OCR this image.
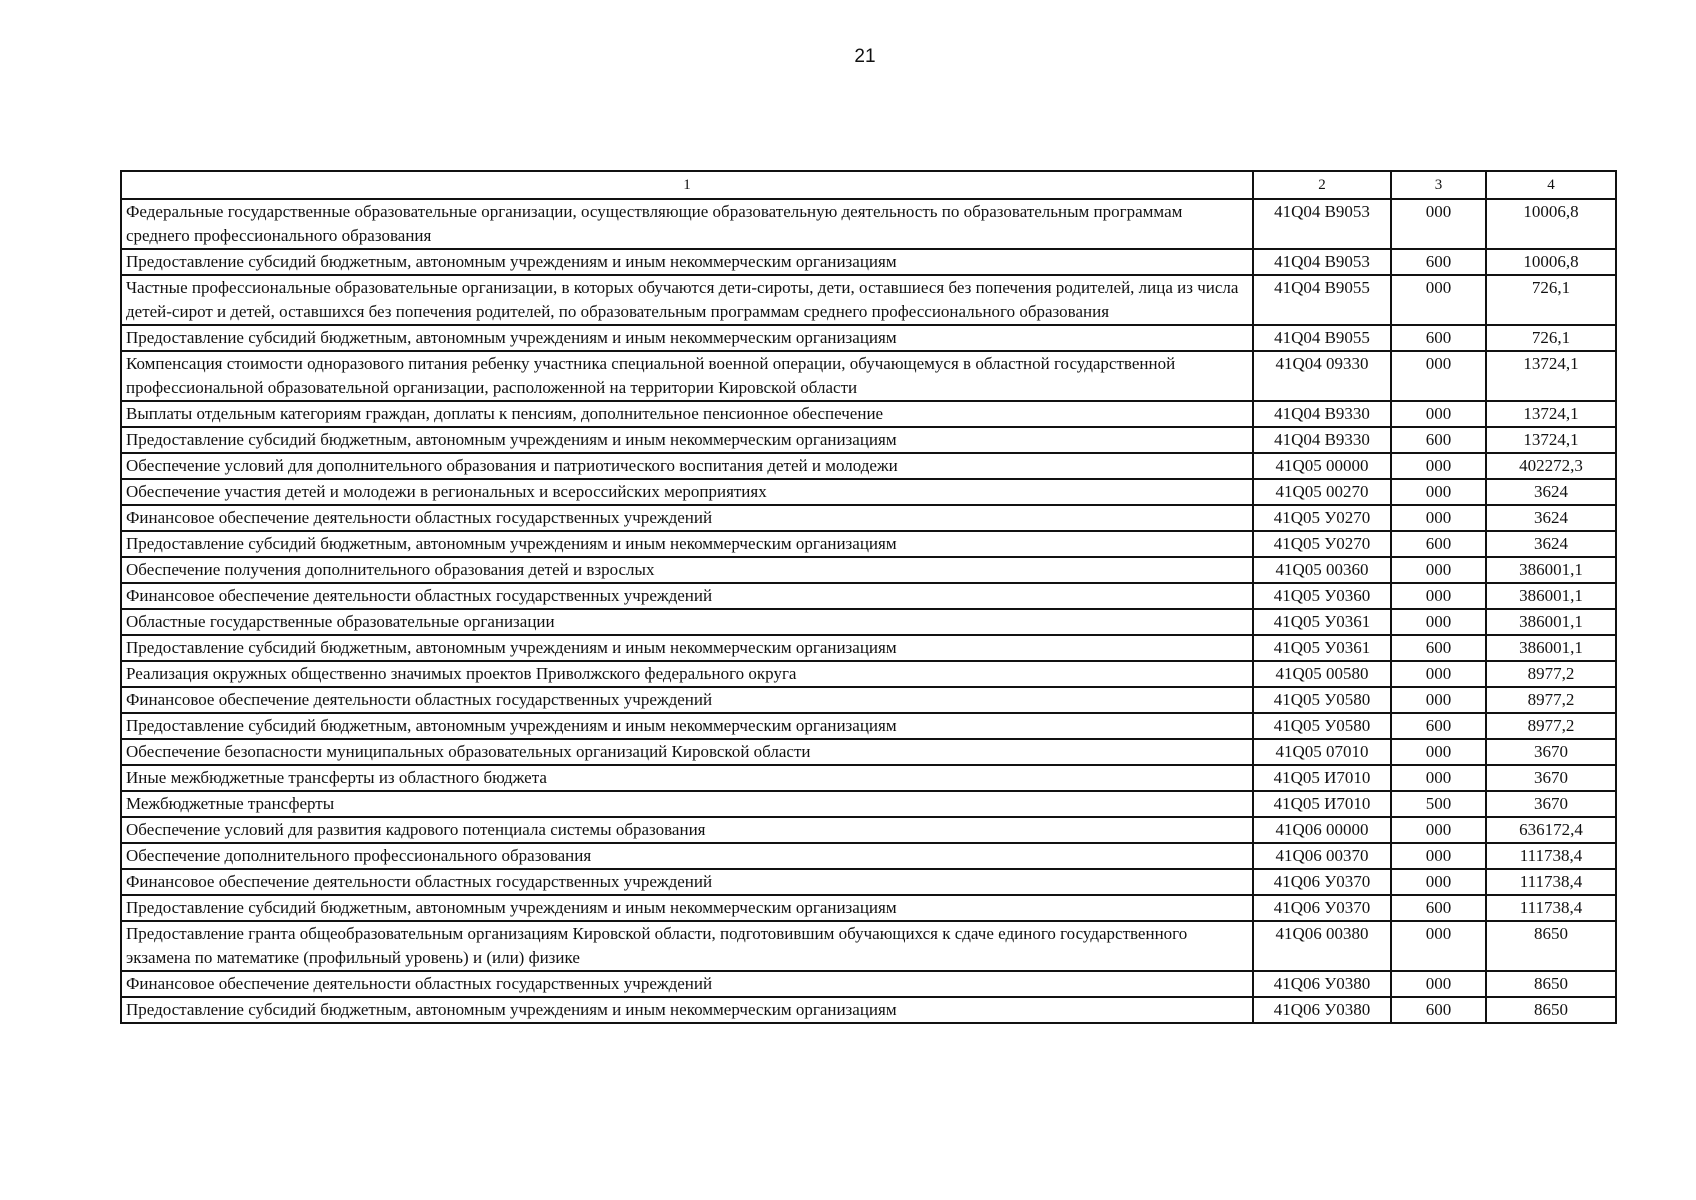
21
1	2	3	4
Федеральные государственные образовательные организации, осуществляющие образовательную деятельность по образовательным программам среднего профессионального образования	41Q04 B9053	000	10006,8
Предоставление субсидий бюджетным, автономным учреждениям и иным некоммерческим организациям	41Q04 B9053	600	10006,8
Частные профессиональные образовательные организации, в которых обучаются дети-сироты, дети, оставшиеся без попечения родителей, лица из числа детей-сирот и детей, оставшихся без попечения родителей, по образовательным программам среднего профессионального образования	41Q04 B9055	000	726,1
Предоставление субсидий бюджетным, автономным учреждениям и иным некоммерческим организациям	41Q04 B9055	600	726,1
Компенсация стоимости одноразового питания ребенку участника специальной военной операции, обучающемуся в областной государственной профессиональной образовательной организации, расположенной на территории Кировской области	41Q04 09330	000	13724,1
Выплаты отдельным категориям граждан, доплаты к пенсиям, дополнительное пенсионное обеспечение	41Q04 B9330	000	13724,1
Предоставление субсидий бюджетным, автономным учреждениям и иным некоммерческим организациям	41Q04 B9330	600	13724,1
Обеспечение условий для дополнительного образования и патриотического воспитания детей и молодежи	41Q05 00000	000	402272,3
Обеспечение участия детей и молодежи в региональных и всероссийских мероприятиях	41Q05 00270	000	3624
Финансовое обеспечение деятельности областных государственных учреждений	41Q05 У0270	000	3624
Предоставление субсидий бюджетным, автономным учреждениям и иным некоммерческим организациям	41Q05 У0270	600	3624
Обеспечение получения дополнительного образования детей и взрослых	41Q05 00360	000	386001,1
Финансовое обеспечение деятельности областных государственных учреждений	41Q05 У0360	000	386001,1
Областные государственные образовательные организации	41Q05 У0361	000	386001,1
Предоставление субсидий бюджетным, автономным учреждениям и иным некоммерческим организациям	41Q05 У0361	600	386001,1
Реализация окружных общественно значимых проектов Приволжского федерального округа	41Q05 00580	000	8977,2
Финансовое обеспечение деятельности областных государственных учреждений	41Q05 У0580	000	8977,2
Предоставление субсидий бюджетным, автономным учреждениям и иным некоммерческим организациям	41Q05 У0580	600	8977,2
Обеспечение безопасности муниципальных образовательных организаций Кировской области	41Q05 07010	000	3670
Иные межбюджетные трансферты из областного бюджета	41Q05 И7010	000	3670
Межбюджетные трансферты	41Q05 И7010	500	3670
Обеспечение условий для развития кадрового потенциала системы образования	41Q06 00000	000	636172,4
Обеспечение дополнительного профессионального образования	41Q06 00370	000	111738,4
Финансовое обеспечение деятельности областных государственных учреждений	41Q06 У0370	000	111738,4
Предоставление субсидий бюджетным, автономным учреждениям и иным некоммерческим организациям	41Q06 У0370	600	111738,4
Предоставление гранта общеобразовательным организациям Кировской области, подготовившим обучающихся к сдаче единого государственного экзамена по математике (профильный уровень) и (или) физике	41Q06 00380	000	8650
Финансовое обеспечение деятельности областных государственных учреждений	41Q06 У0380	000	8650
Предоставление субсидий бюджетным, автономным учреждениям и иным некоммерческим организациям	41Q06 У0380	600	8650
